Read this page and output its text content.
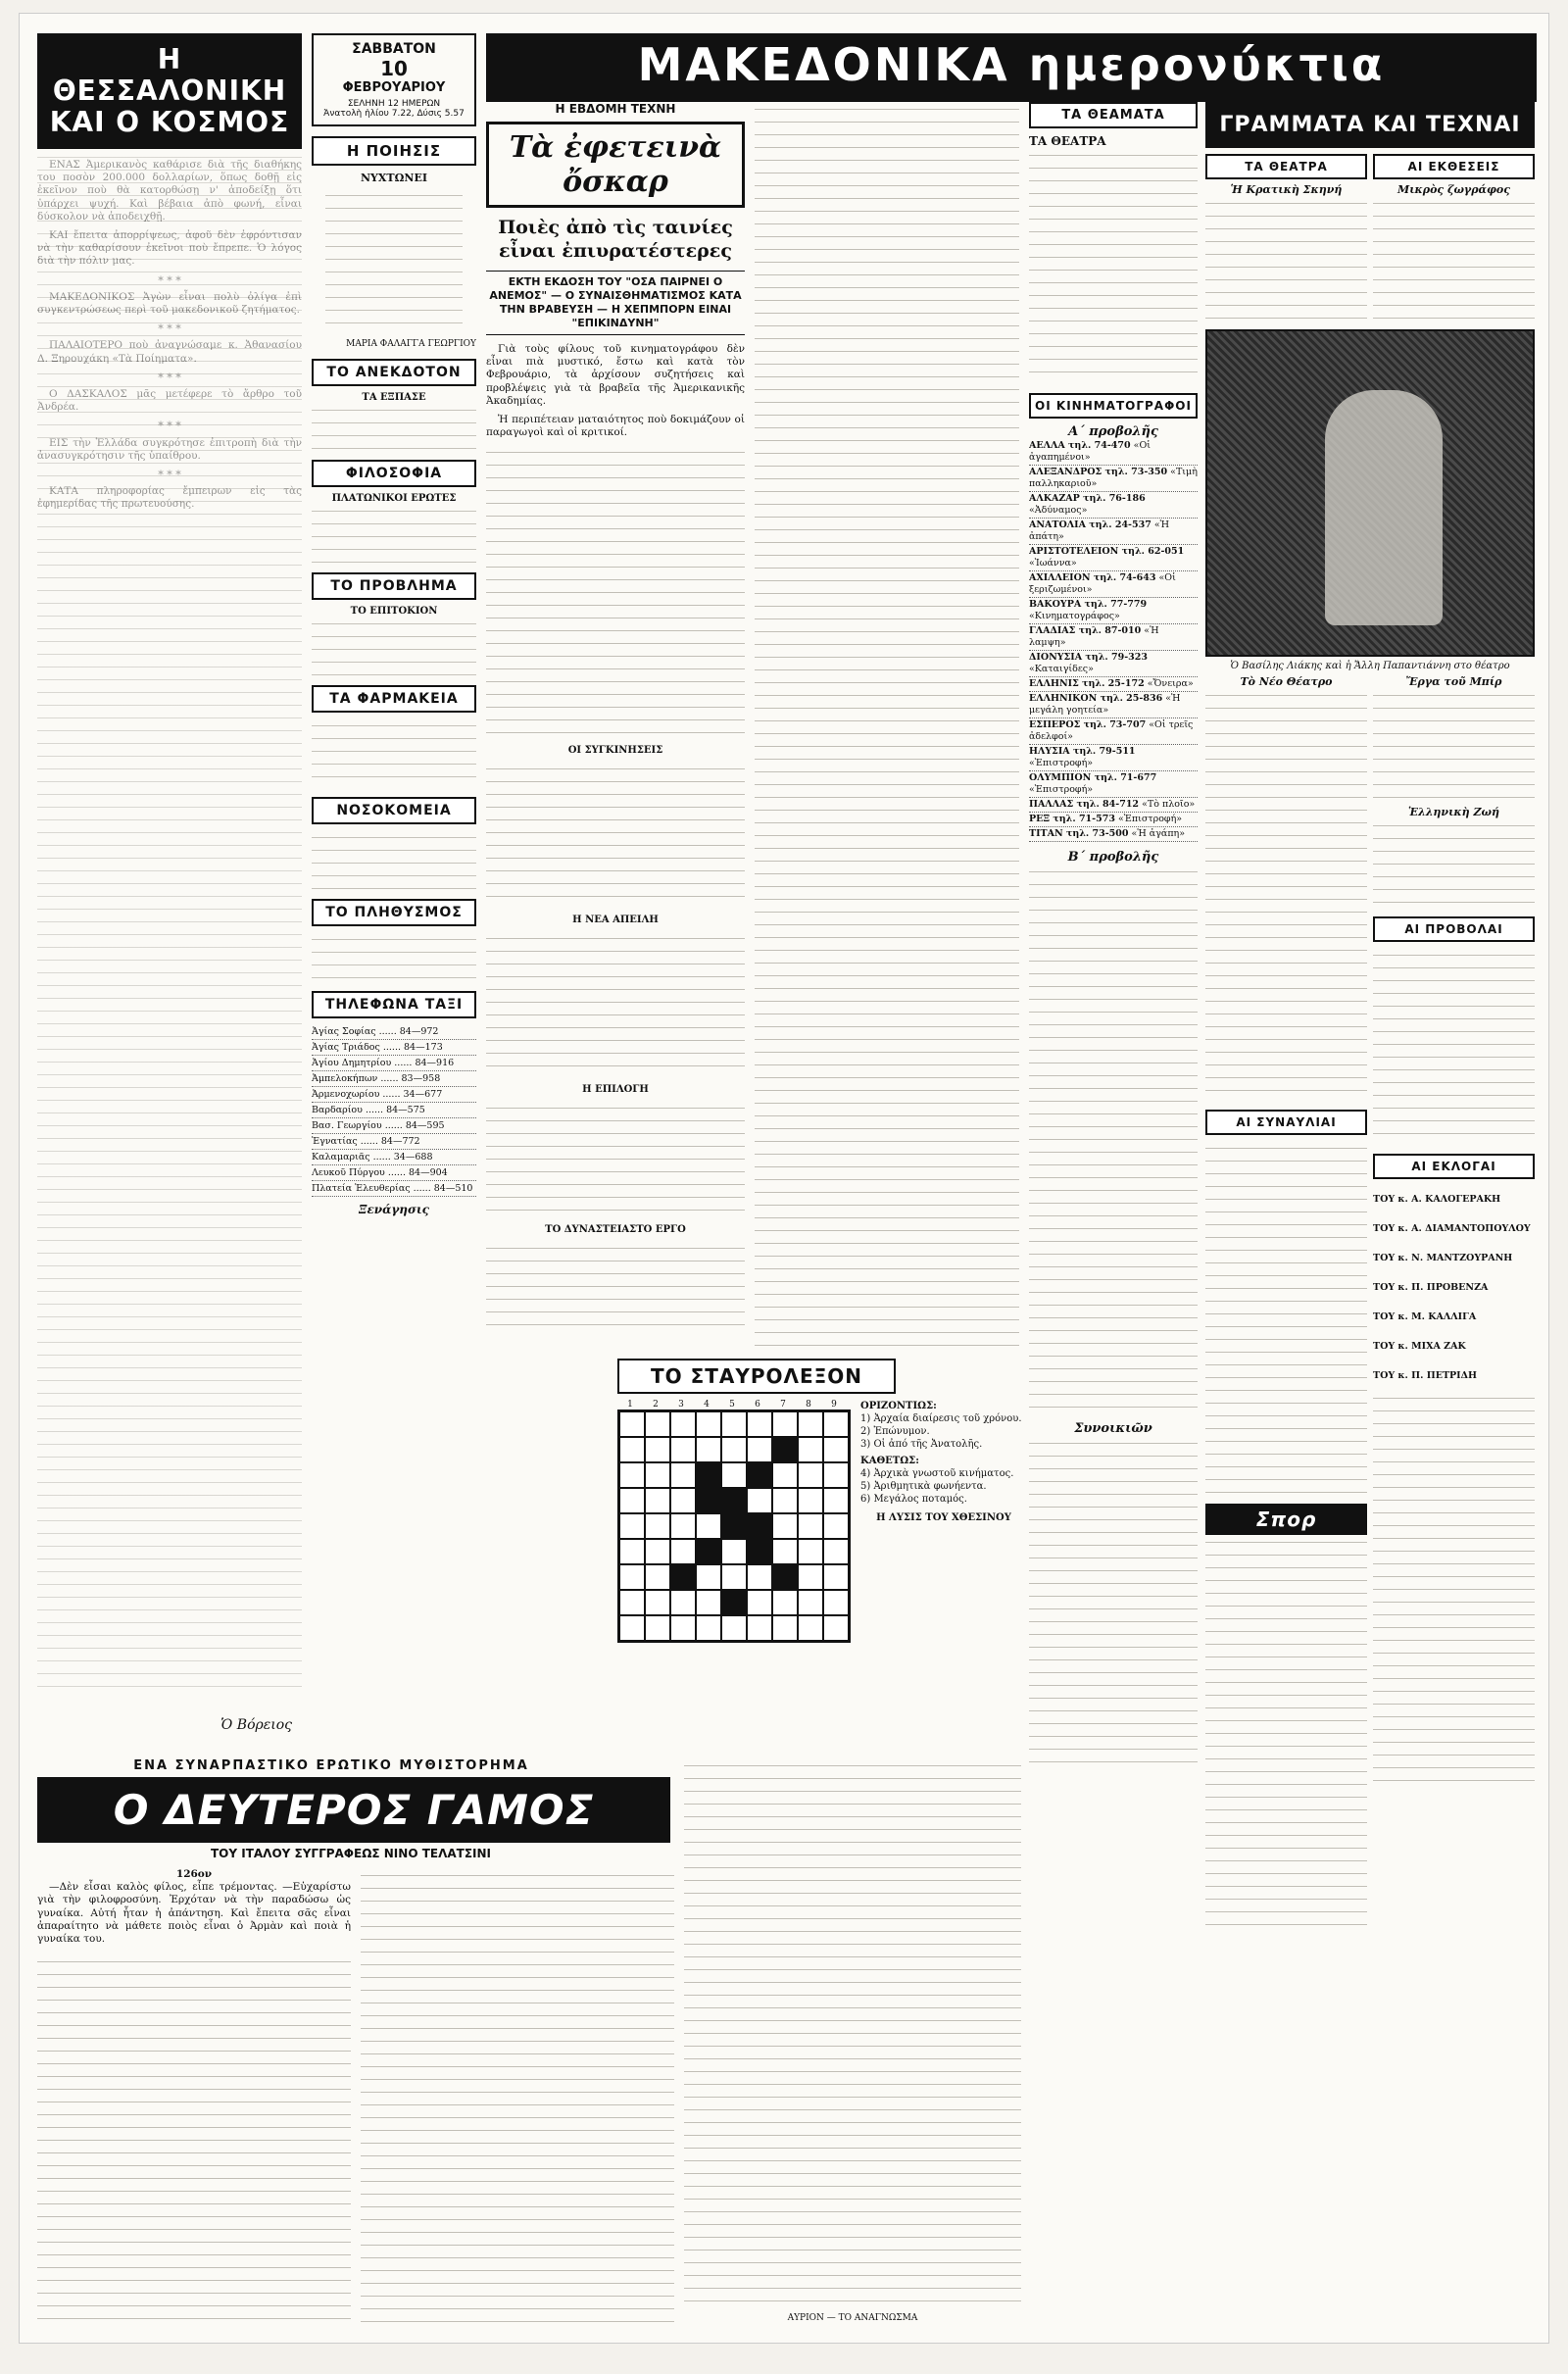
Η ΘΕΣΣΑΛΟΝΙΚΗ ΚΑΙ Ο ΚΟΣΜΟΣ

Ὁ Βόρειος
ΣΑΒΒΑΤΟΝ
10
ΦΕΒΡΟΥΑΡΙΟΥ
ΣΕΛΗΝΗ 12 ΗΜΕΡΩΝ
Ἀνατολὴ ἡλίου 7.22, Δύσις 5.57
Η ΠΟΙΗΣΙΣ
ΝΥΧΤΩΝΕΙ
ΜΑΡΙΑ ΦΑΛΑΓΓΑ ΓΕΩΡΓΙΟΥ
ΤΟ ΑΝΕΚΔΟΤΟΝ
ΤΑ ΕΞΠΑΣΕ
ΦΙΛΟΣΟΦΙΑ
ΠΛΑΤΩΝΙΚΟΙ ΕΡΩΤΕΣ
ΤΟ ΠΡΟΒΛΗΜΑ
ΤΟ ΕΠΙΤΟΚΙΟΝ
ΤΑ ΦΑΡΜΑΚΕΙΑ
ΝΟΣΟΚΟΜΕΙΑ
ΤΟ ΠΛΗΘΥΣΜΟΣ
ΤΗΛΕΦΩΝΑ ΤΑΞΙ
Ἀγίας Σοφίας ...... 84—972
Ἀγίας Τριάδος ...... 84—173
Ἀγίου Δημητρίου ...... 84—916
Ἀμπελοκήπων ...... 83—958
Ἀρμενοχωρίου ...... 34—677
Βαρδαρίου ...... 84—575
Βασ. Γεωργίου ...... 84—595
Ἐγνατίας ...... 84—772
Καλαμαριᾶς ...... 34—688
Λευκοῦ Πύργου ...... 84—904
Πλατεία Ἐλευθερίας ...... 84—510
Ξενάγησις
ΜΑΚΕΔΟΝΙΚΑ ημερονύκτια
Η ΕΒΔΟΜΗ ΤΕΧΝΗ
Τὰ ἐφετεινὰ ὄσκαρ
Ποιὲς ἀπὸ τὶς ταινίες εἶναι ἐπιυρατέστερες
ΕΚΤΗ ΕΚΔΟΣΗ ΤΟΥ "ΟΣΑ ΠΑΙΡΝΕΙ Ο ΑΝΕΜΟΣ" — Ο ΣΥΝΑΙΣΘΗΜΑΤΙΣΜΟΣ ΚΑΤΑ ΤΗΝ ΒΡΑΒΕΥΣΗ — Η ΧΕΠΜΠΟΡΝ ΕΙΝΑΙ "ΕΠΙΚΙΝΔΥΝΗ"

Γιὰ τοὺς φίλους τοῦ κινηματογράφου δὲν εἶναι πιὰ μυστικό, ἔστω καὶ κατὰ τὸν Φεβρουάριο, τὰ ἀρχίσουν συζητήσεις καὶ προβλέψεις γιὰ τὰ βραβεῖα τῆς Ἀμερικανικῆς Ἀκαδημίας.

Ἡ περιπέτειαν ματαιότητος ποὺ δοκιμάζουν οἱ παραγωγοὶ καὶ οἱ κριτικοί.

ΟΙ ΣΥΓΚΙΝΗΣΕΙΣ
Η ΝΕΑ ΑΠΕΙΛΗ
Η ΕΠΙΛΟΓΗ
ΤΟ ΔΥΝΑΣΤΕΙΑΣΤΟ ΕΡΓΟ
ΤΟ ΣΤΑΥΡΟΛΕΞΟΝ
1	2	3	4	5	6	7	8	9	ΟΡΙΖΟΝΤΙΩΣ:
1) Ἀρχαία διαίρεσις τοῦ χρόνου.
2) Ἐπώνυμον.
3) Οἱ ἀπό τῆς Ἀνατολῆς.
ΚΑΘΕΤΩΣ:
4) Ἀρχικὰ γνωστοῦ κινήματος.
5) Ἀριθμητικὰ φωνήεντα.
6) Μεγάλος ποταμός.
Η ΛΥΣΙΣ ΤΟΥ ΧΘΕΣΙΝΟΥ
ΤΑ ΘΕΑΜΑΤΑ
ΤΑ ΘΕΑΤΡΑ
ΟΙ ΚΙΝΗΜΑΤΟΓΡΑΦΟΙ
Α΄ προβολῆς
ΑΕΛΛΑ τηλ. 74-470 «Οἱ ἀγαπημένοι»
ΑΛΕΞΑΝΔΡΟΣ τηλ. 73-350 «Τιμὴ παλληκαριοῦ»
ΑΛΚΑΖΑΡ τηλ. 76-186 «Ἀδύναμος»
ΑΝΑΤΟΛΙΑ τηλ. 24-537 «Ἡ ἀπάτη»
ΑΡΙΣΤΟΤΕΛΕΙΟΝ τηλ. 62-051 «Ἰωάννα»
ΑΧΙΛΛΕΙΟΝ τηλ. 74-643 «Οἱ ξεριζωμένοι»
ΒΑΚΟΥΡΑ τηλ. 77-779 «Κινηματογράφος»
ΓΛΑΔΙΑΣ τηλ. 87-010 «Ἡ λαμψη»
ΔΙΟΝΥΣΙΑ τηλ. 79-323 «Καταιγίδες»
ΕΛΛΗΝΙΣ τηλ. 25-172 «Ὄνειρα»
ΕΛΛΗΝΙΚΟΝ τηλ. 25-836 «Ἡ μεγάλη γοητεία»
ΕΣΠΕΡΟΣ τηλ. 73-707 «Οἱ τρεῖς ἀδελφοί»
ΗΛΥΣΙΑ τηλ. 79-511 «Ἐπιστροφή»
ΟΛΥΜΠΙΟΝ τηλ. 71-677 «Ἐπιστροφή»
ΠΑΛΛΑΣ τηλ. 84-712 «Τὸ πλοῖο»
ΡΕΞ τηλ. 71-573 «Ἐπιστροφή»
ΤΙΤΑΝ τηλ. 73-500 «Ἡ ἀγάπη»
Β΄ προβολῆς
Συνοικιῶν
ΓΡΑΜΜΑΤΑ ΚΑΙ ΤΕΧΝΑΙ
ΤΑ ΘΕΑΤΡΑ
Ἡ Κρατικὴ Σκηνή
ΑΙ ΕΚΘΕΣΕΙΣ
Μικρὸς ζωγράφος
Ὁ Βασίλης Λιάκης καὶ ἡ Ἄλλη Παπαντιάννη στο θέατρο
Τὸ Νέο Θέατρο
ΑΙ ΣΥΝΑΥΛΙΑΙ
Σπορ
Ἔργα τοῦ Μπίρ
Ἑλληνικὴ Ζωή
ΑΙ ΠΡΟΒΟΛΑΙ
ΑΙ ΕΚΛΟΓΑΙ
ΤΟΥ κ. Α. ΚΑΛΟΓΕΡΑΚΗ
ΤΟΥ κ. Α. ΔΙΑΜΑΝΤΟΠΟΥΛΟΥ
ΤΟΥ κ. Ν. ΜΑΝΤΖΟΥΡΑΝΗ
ΤΟΥ κ. Π. ΠΡΟΒΕΝΖΑ
ΤΟΥ κ. Μ. ΚΑΛΛΙΓΑ
ΤΟΥ κ. ΜΙΧΑ ΖΑΚ
ΤΟΥ κ. Π. ΠΕΤΡΙΔΗ
ΕΝΑ ΣΥΝΑΡΠΑΣΤΙΚΟ ΕΡΩΤΙΚΟ ΜΥΘΙΣΤΟΡΗΜΑ
Ο ΔΕΥΤΕΡΟΣ ΓΑΜΟΣ
ΤΟΥ ΙΤΑΛΟΥ ΣΥΓΓΡΑΦΕΩΣ ΝΙΝΟ ΤΕΛΑΤΣΙΝΙ
126ον

—Δὲν εἶσαι καλὸς φίλος, εἶπε τρέμοντας. —Εὐχαρίστω γιὰ τὴν φιλοφροσύνη. Ἐρχόταν νὰ τὴν παραδώσω ὡς γυναίκα. Αὐτή ἦταν ἡ ἀπάντηση. Καὶ ἔπειτα σᾶς εἶναι ἀπαραίτητο νὰ μάθετε ποιὸς εἶναι ὁ Ἀρμὰν καὶ ποιὰ ἡ γυναίκα του.

ΑΥΡΙΟΝ — ΤΟ ΑΝΑΓΝΩΣΜΑ
